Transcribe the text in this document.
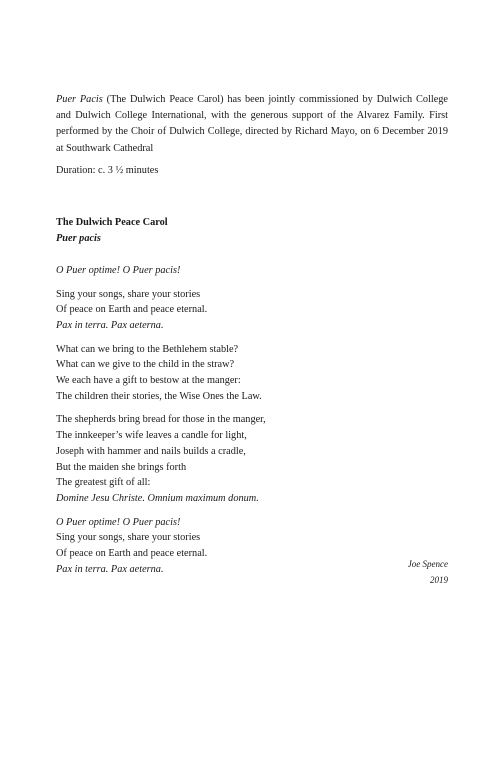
Puer Pacis (The Dulwich Peace Carol) has been jointly commissioned by Dulwich College and Dulwich College International, with the generous support of the Alvarez Family. First performed by the Choir of Dulwich College, directed by Richard Mayo, on 6 December 2019 at Southwark Cathedral

Duration: c. 3 ½ minutes

The Dulwich Peace Carol

Puer pacis

O Puer optime! O Puer pacis!
Sing your songs, share your stories
Of peace on Earth and peace eternal.
Pax in terra. Pax aeterna.
What can we bring to the Bethlehem stable?
What can we give to the child in the straw?
We each have a gift to bestow at the manger:
The children their stories, the Wise Ones the Law.
The shepherds bring bread for those in the manger,
The innkeeper’s wife leaves a candle for light,
Joseph with hammer and nails builds a cradle,
But the maiden she brings forth
The greatest gift of all:
Domine Jesu Christe. Omnium maximum donum.
O Puer optime! O Puer pacis!
Sing your songs, share your stories
Of peace on Earth and peace eternal.
Pax in terra. Pax aeterna.	Joe Spence
2019
